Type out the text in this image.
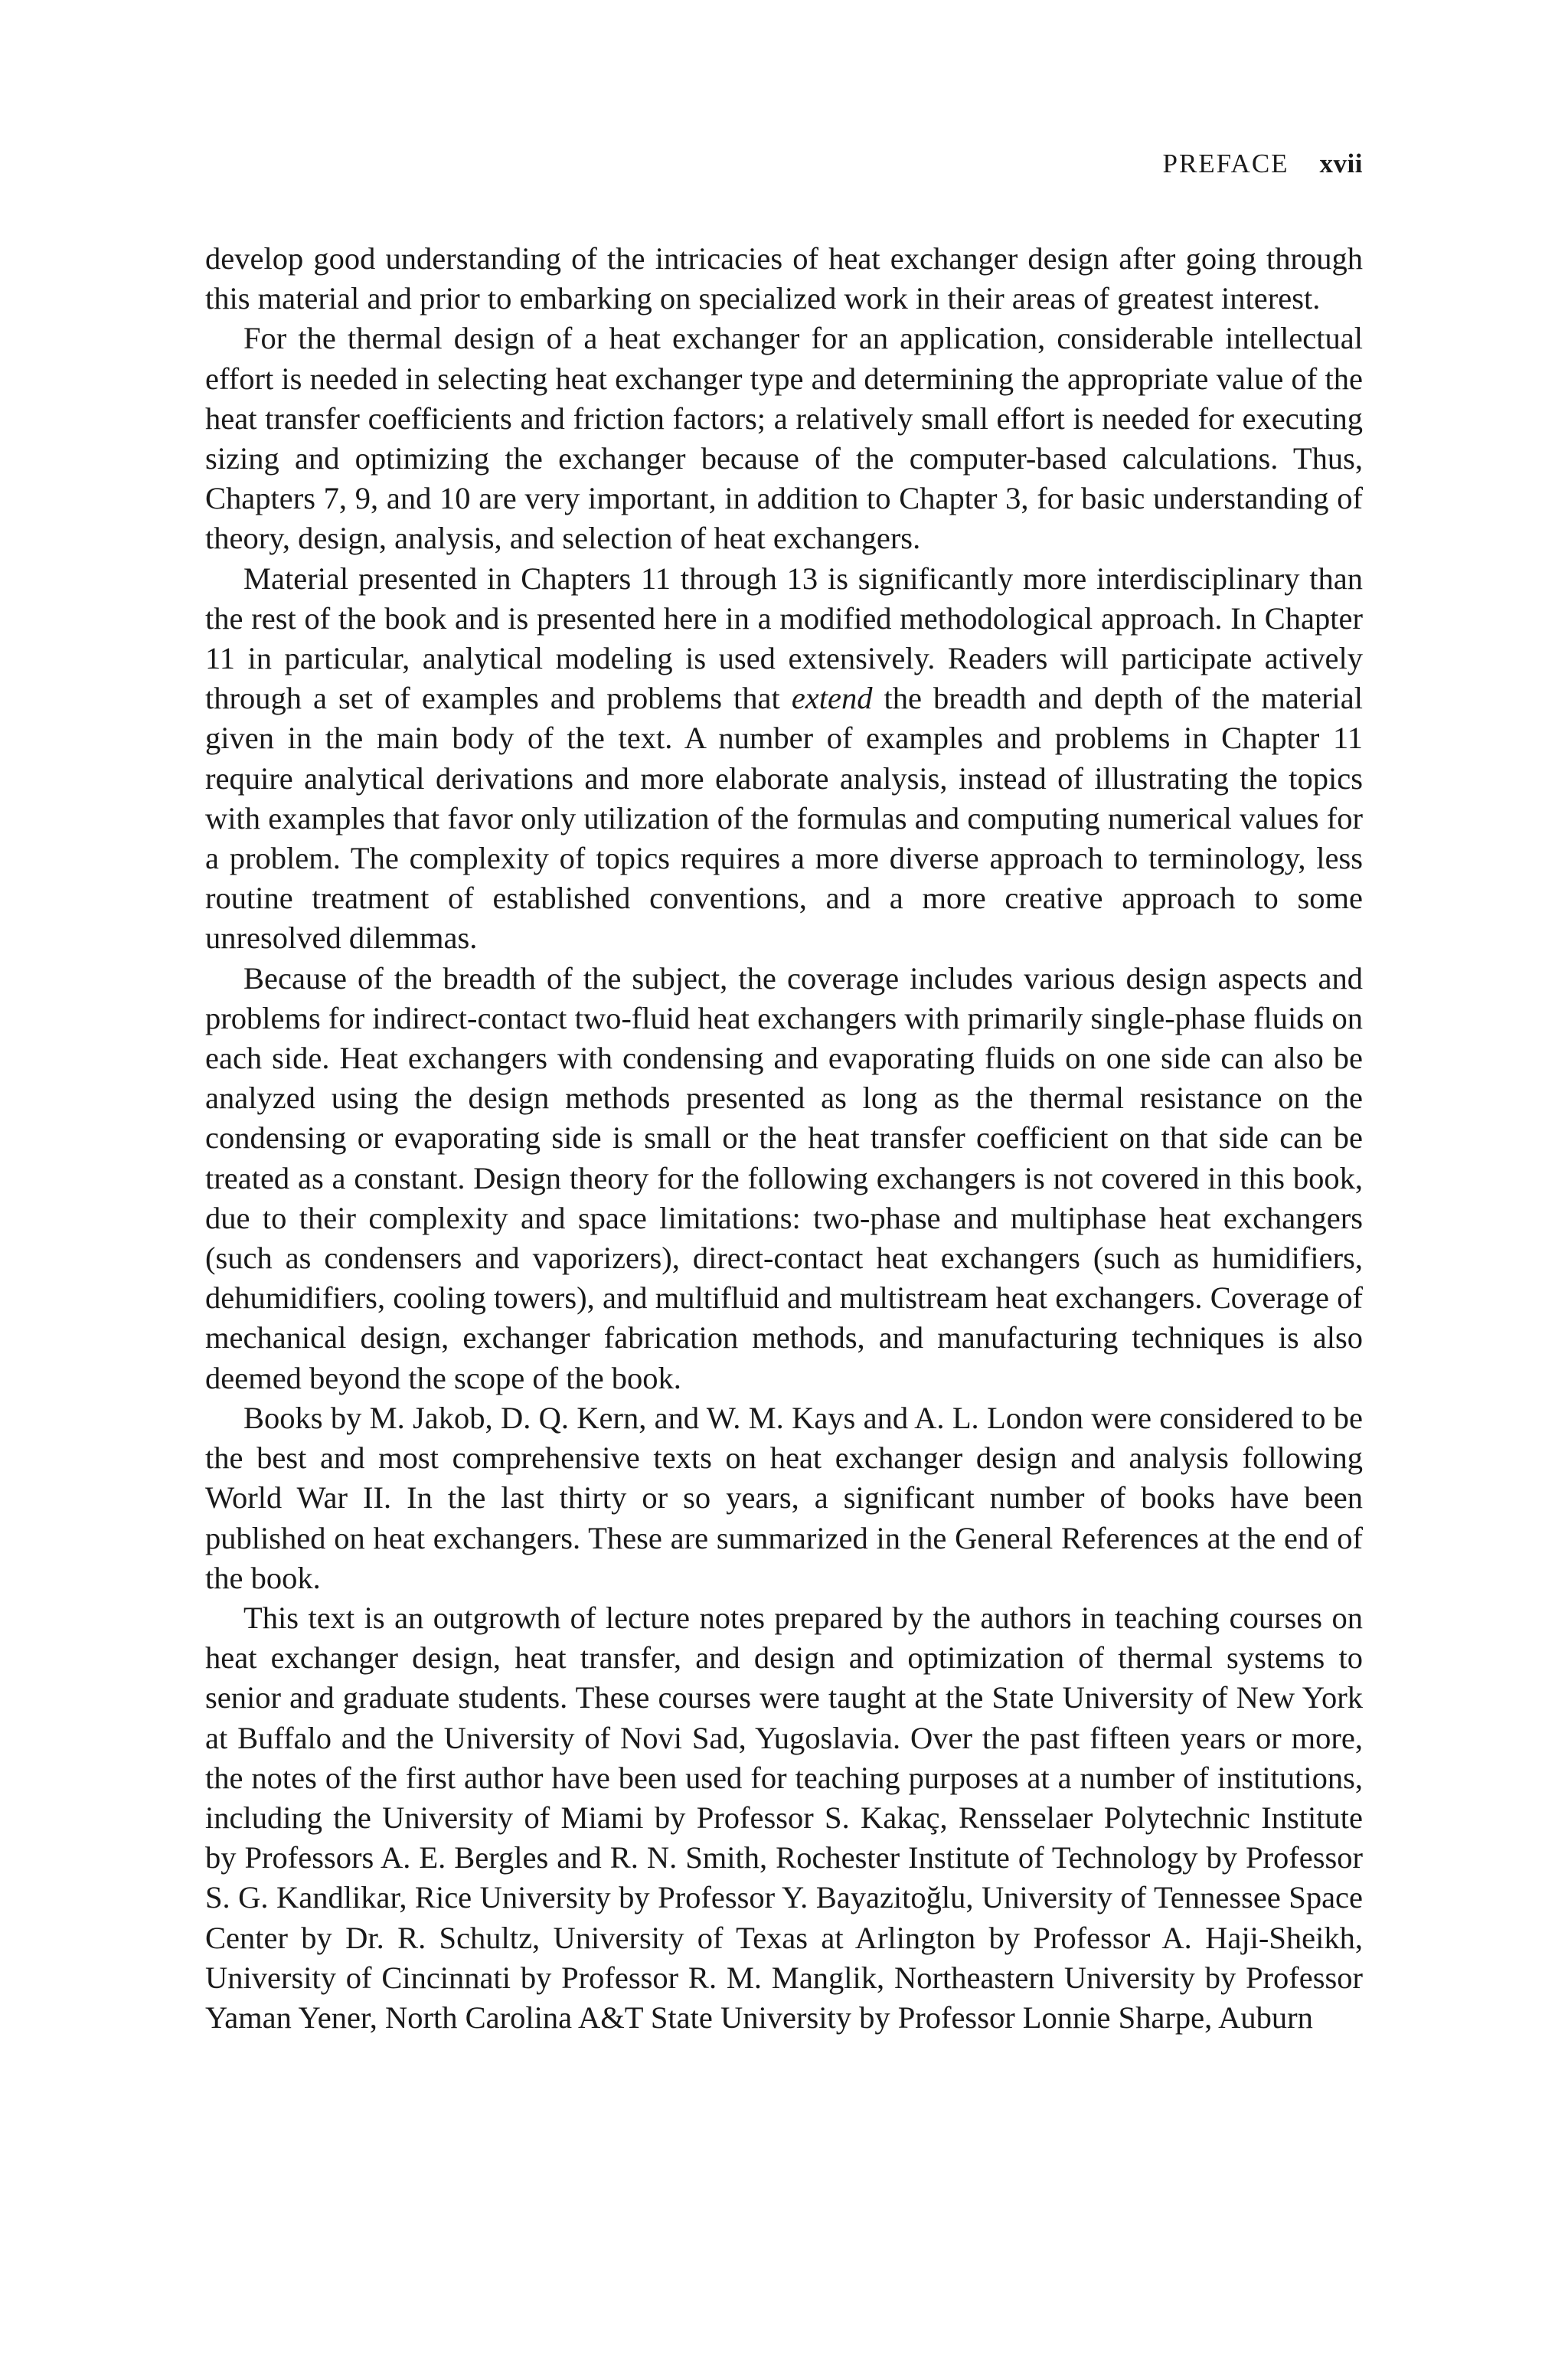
PREFACE xvii

develop good understanding of the intricacies of heat exchanger design after going through this material and prior to embarking on specialized work in their areas of greatest interest.

For the thermal design of a heat exchanger for an application, considerable intellectual effort is needed in selecting heat exchanger type and determining the appropriate value of the heat transfer coefficients and friction factors; a relatively small effort is needed for executing sizing and optimizing the exchanger because of the computer-based calculations. Thus, Chapters 7, 9, and 10 are very important, in addition to Chapter 3, for basic understanding of theory, design, analysis, and selection of heat exchangers.

Material presented in Chapters 11 through 13 is significantly more interdisciplinary than the rest of the book and is presented here in a modified methodological approach. In Chapter 11 in particular, analytical modeling is used extensively. Readers will participate actively through a set of examples and problems that extend the breadth and depth of the material given in the main body of the text. A number of examples and problems in Chapter 11 require analytical derivations and more elaborate analysis, instead of illustrating the topics with examples that favor only utilization of the formulas and computing numerical values for a problem. The complexity of topics requires a more diverse approach to terminology, less routine treatment of established conventions, and a more creative approach to some unresolved dilemmas.

Because of the breadth of the subject, the coverage includes various design aspects and problems for indirect-contact two-fluid heat exchangers with primarily single-phase fluids on each side. Heat exchangers with condensing and evaporating fluids on one side can also be analyzed using the design methods presented as long as the thermal resistance on the condensing or evaporating side is small or the heat transfer coefficient on that side can be treated as a constant. Design theory for the following exchangers is not covered in this book, due to their complexity and space limitations: two-phase and multiphase heat exchangers (such as condensers and vaporizers), direct-contact heat exchangers (such as humidifiers, dehumidifiers, cooling towers), and multifluid and multistream heat exchangers. Coverage of mechanical design, exchanger fabrication methods, and manufacturing techniques is also deemed beyond the scope of the book.

Books by M. Jakob, D. Q. Kern, and W. M. Kays and A. L. London were considered to be the best and most comprehensive texts on heat exchanger design and analysis following World War II. In the last thirty or so years, a significant number of books have been published on heat exchangers. These are summarized in the General References at the end of the book.

This text is an outgrowth of lecture notes prepared by the authors in teaching courses on heat exchanger design, heat transfer, and design and optimization of thermal systems to senior and graduate students. These courses were taught at the State University of New York at Buffalo and the University of Novi Sad, Yugoslavia. Over the past fifteen years or more, the notes of the first author have been used for teaching purposes at a number of institutions, including the University of Miami by Professor S. Kakaç, Rensselaer Polytechnic Institute by Professors A. E. Bergles and R. N. Smith, Rochester Institute of Technology by Professor S. G. Kandlikar, Rice University by Professor Y. Bayazitoğlu, University of Tennessee Space Center by Dr. R. Schultz, University of Texas at Arlington by Professor A. Haji-Sheikh, University of Cincinnati by Professor R. M. Manglik, Northeastern University by Professor Yaman Yener, North Carolina A&T State University by Professor Lonnie Sharpe, Auburn
